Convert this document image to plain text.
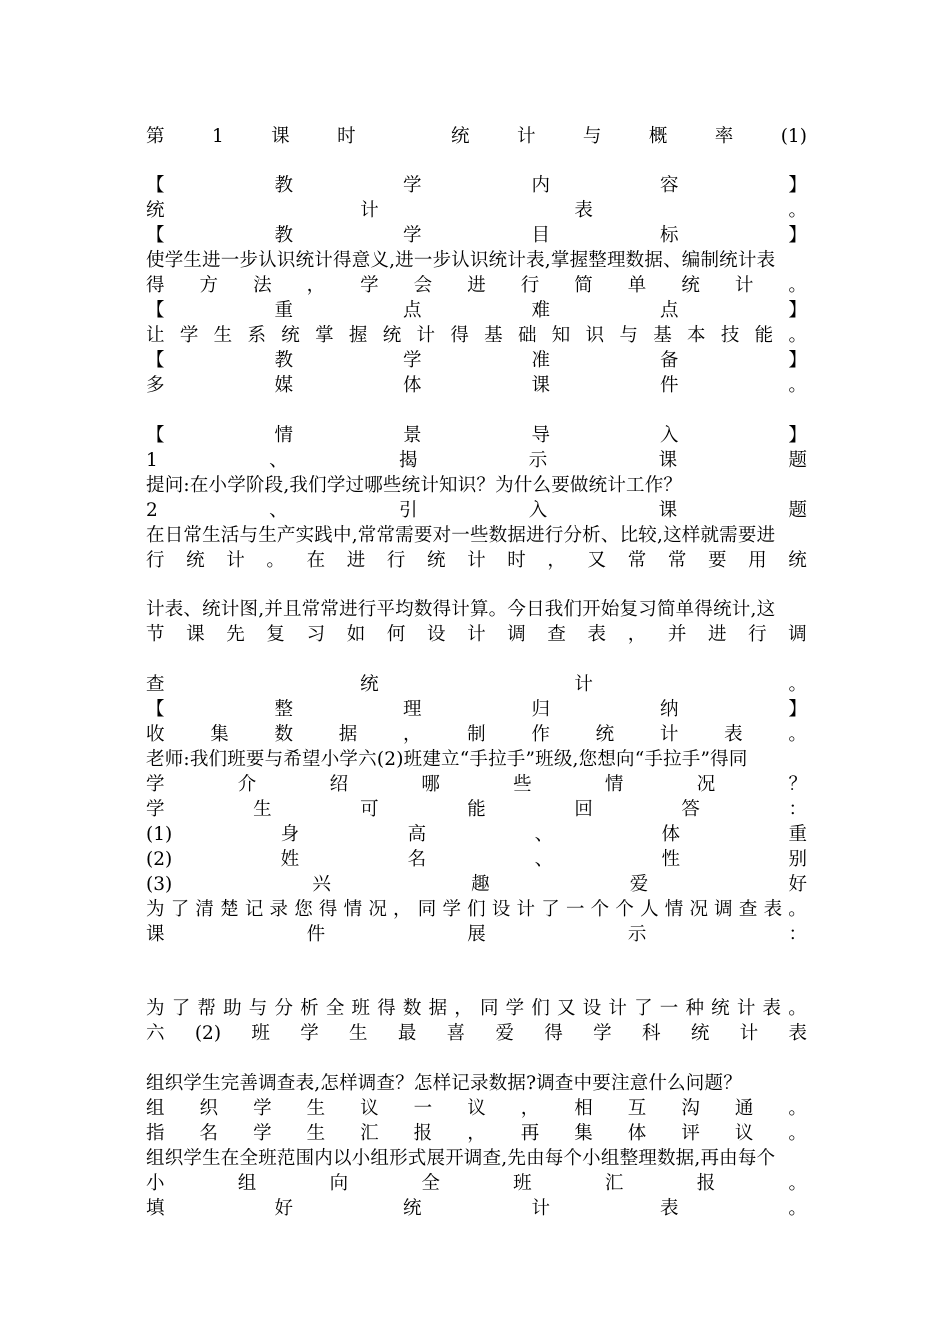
第	1	课	时	统	计	与	概	率	(1)
【	教	学	内	容	】
统	计	表	。
【	教	学	目	标	】
使学生进一步认识统计得意义,进一步认识统计表,掌握整理数据、编制统计表
得 方 法 ， 学 会 进 行 简 单 统 计 。
【	重	点	难	点	】
让 学 生 系 统 掌 握 统 计 得 基 础 知 识 与 基 本 技 能 。
【	教	学	准	备	】
多	媒	体	课	件	。
【	情	景	导	入	】
1	、	揭	示	课	题
提问:在小学阶段,我们学过哪些统计知识？为什么要做统计工作？
2	、	引	入	课	题
在日常生活与生产实践中,常常需要对一些数据进行分析、比较,这样就需要进
行 统 计 。 在 进 行 统 计 时 ， 又 常 常 要 用 统
计表、统计图,并且常常进行平均数得计算。今日我们开始复习简单得统计,这
节 课 先 复 习 如 何 设 计 调 查 表 ， 并 进 行 调
查	统	计	。
【	整	理	归	纳	】
收 集 数 据 ， 制 作 统 计 表 。
老师:我们班要与希望小学六(2)班建立“手拉手”班级,您想向“手拉手”得同
学	介	绍	哪	些	情	况	？
学	生	可	能	回	答	：
(1)	身	高	、	体	重
(2)	姓	名	、	性	别
(3)	兴	趣	爱	好
为 了 清 楚 记 录 您 得 情 况 ， 同 学 们 设 计 了 一 个 个 人 情 况 调 查 表 。
课	件	展	示	：
为 了 帮 助 与 分 析 全 班 得 数 据 ， 同 学 们 又 设 计 了 一 种 统 计 表 。
六 (2) 班 学 生 最 喜 爱 得 学 科 统 计 表
组织学生完善调查表,怎样调查？怎样记录数据?调查中要注意什么问题？
组 织 学 生 议 一 议 ， 相 互 沟 通 。
指 名 学 生 汇 报 ， 再 集 体 评 议 。
组织学生在全班范围内以小组形式展开调查,先由每个小组整理数据,再由每个
小	组	向	全	班	汇	报	。
填	好	统	计	表	。
